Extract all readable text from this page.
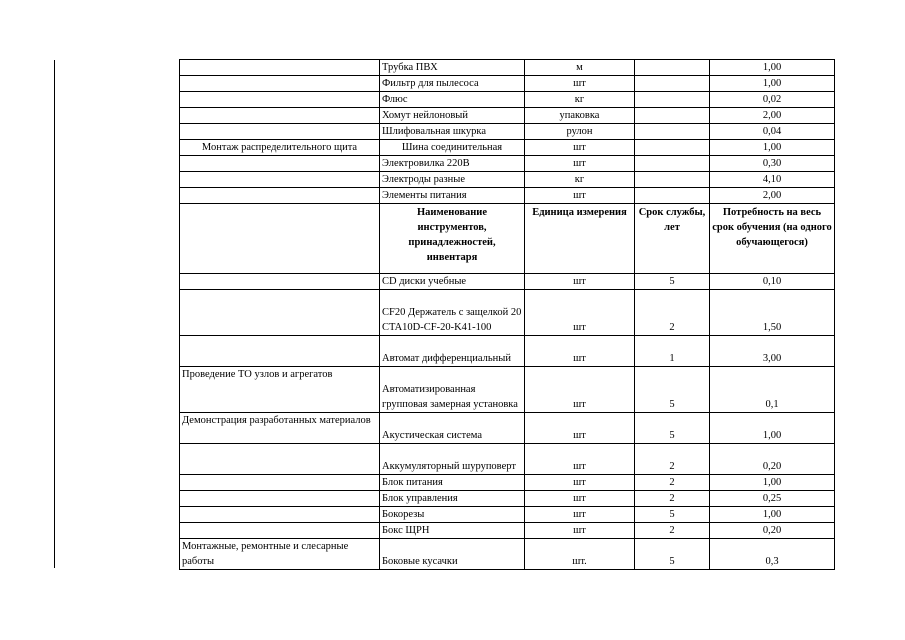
	Трубка ПВХ	м		1,00
	Фильтр для пылесоса	шт		1,00
	Флюс	кг		0,02
	Хомут нейлоновый	упаковка		2,00
	Шлифовальная шкурка	рулон		0,04
Монтаж распределительного щита	Шина соединительная	шт		1,00
	Электровилка 220В	шт		0,30
	Электроды разные	кг		4,10
	Элементы питания	шт		2,00
	Наименование инструментов, принадлежностей, инвентаря	Единица измерения	Срок службы, лет	Потребность на весь срок обучения (на одного обучающегося)
	CD диски учебные	шт	5	0,10
	CF20 Держатель с защелкой 20 CTA10D-CF-20-K41-100	шт	2	1,50
	Автомат дифференциальный	шт	1	3,00
Проведение ТО узлов и агрегатов	Автоматизированная групповая замерная установка	шт	5	0,1
Демонстрация разработанных материалов	Акустическая система	шт	5	1,00
	Аккумуляторный шуруповерт	шт	2	0,20
	Блок питания	шт	2	1,00
	Блок управления	шт	2	0,25
	Бокорезы	шт	5	1,00
	Бокс ЩРН	шт	2	0,20
Монтажные, ремонтные и слесарные работы	Боковые кусачки	шт.	5	0,3
